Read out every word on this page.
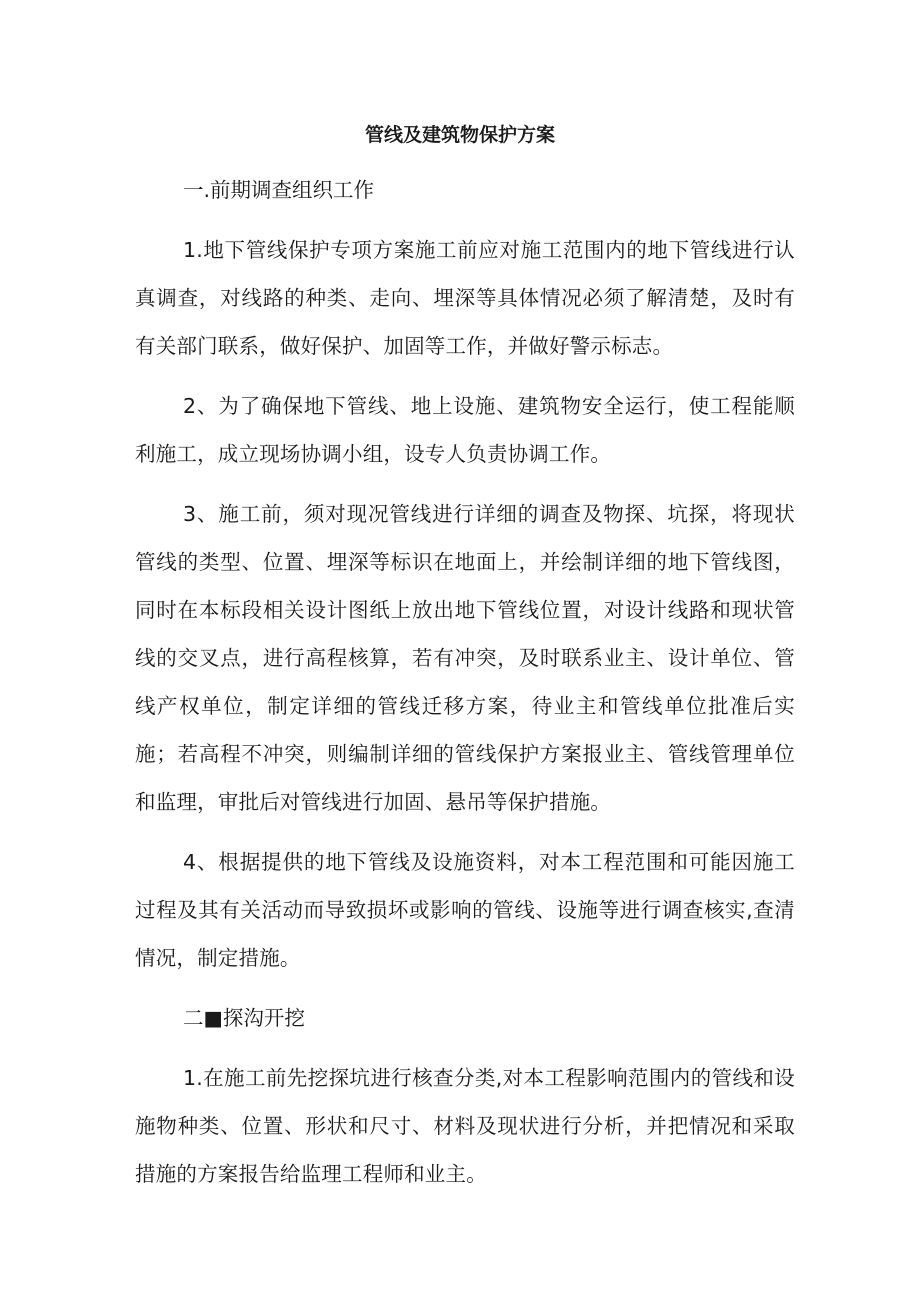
管线及建筑物保护方案

一.前期调查组织工作

1.地下管线保护专项方案施工前应对施工范围内的地下管线进行认真调查，对线路的种类、走向、埋深等具体情况必须了解清楚，及时有有关部门联系，做好保护、加固等工作，并做好警示标志。

2、为了确保地下管线、地上设施、建筑物安全运行，使工程能顺利施工，成立现场协调小组，设专人负责协调工作。

3、施工前，须对现况管线进行详细的调查及物探、坑探，将现状管线的类型、位置、埋深等标识在地面上，并绘制详细的地下管线图，同时在本标段相关设计图纸上放出地下管线位置，对设计线路和现状管线的交叉点，进行高程核算，若有冲突，及时联系业主、设计单位、管线产权单位，制定详细的管线迁移方案，待业主和管线单位批准后实施；若高程不冲突，则编制详细的管线保护方案报业主、管线管理单位和监理，审批后对管线进行加固、悬吊等保护措施。

4、根据提供的地下管线及设施资料，对本工程范围和可能因施工过程及其有关活动而导致损坏或影响的管线、设施等进行调查核实,查清情况，制定措施。

二■探沟开挖

1.在施工前先挖探坑进行核查分类,对本工程影响范围内的管线和设施物种类、位置、形状和尺寸、材料及现状进行分析，并把情况和采取措施的方案报告给监理工程师和业主。
